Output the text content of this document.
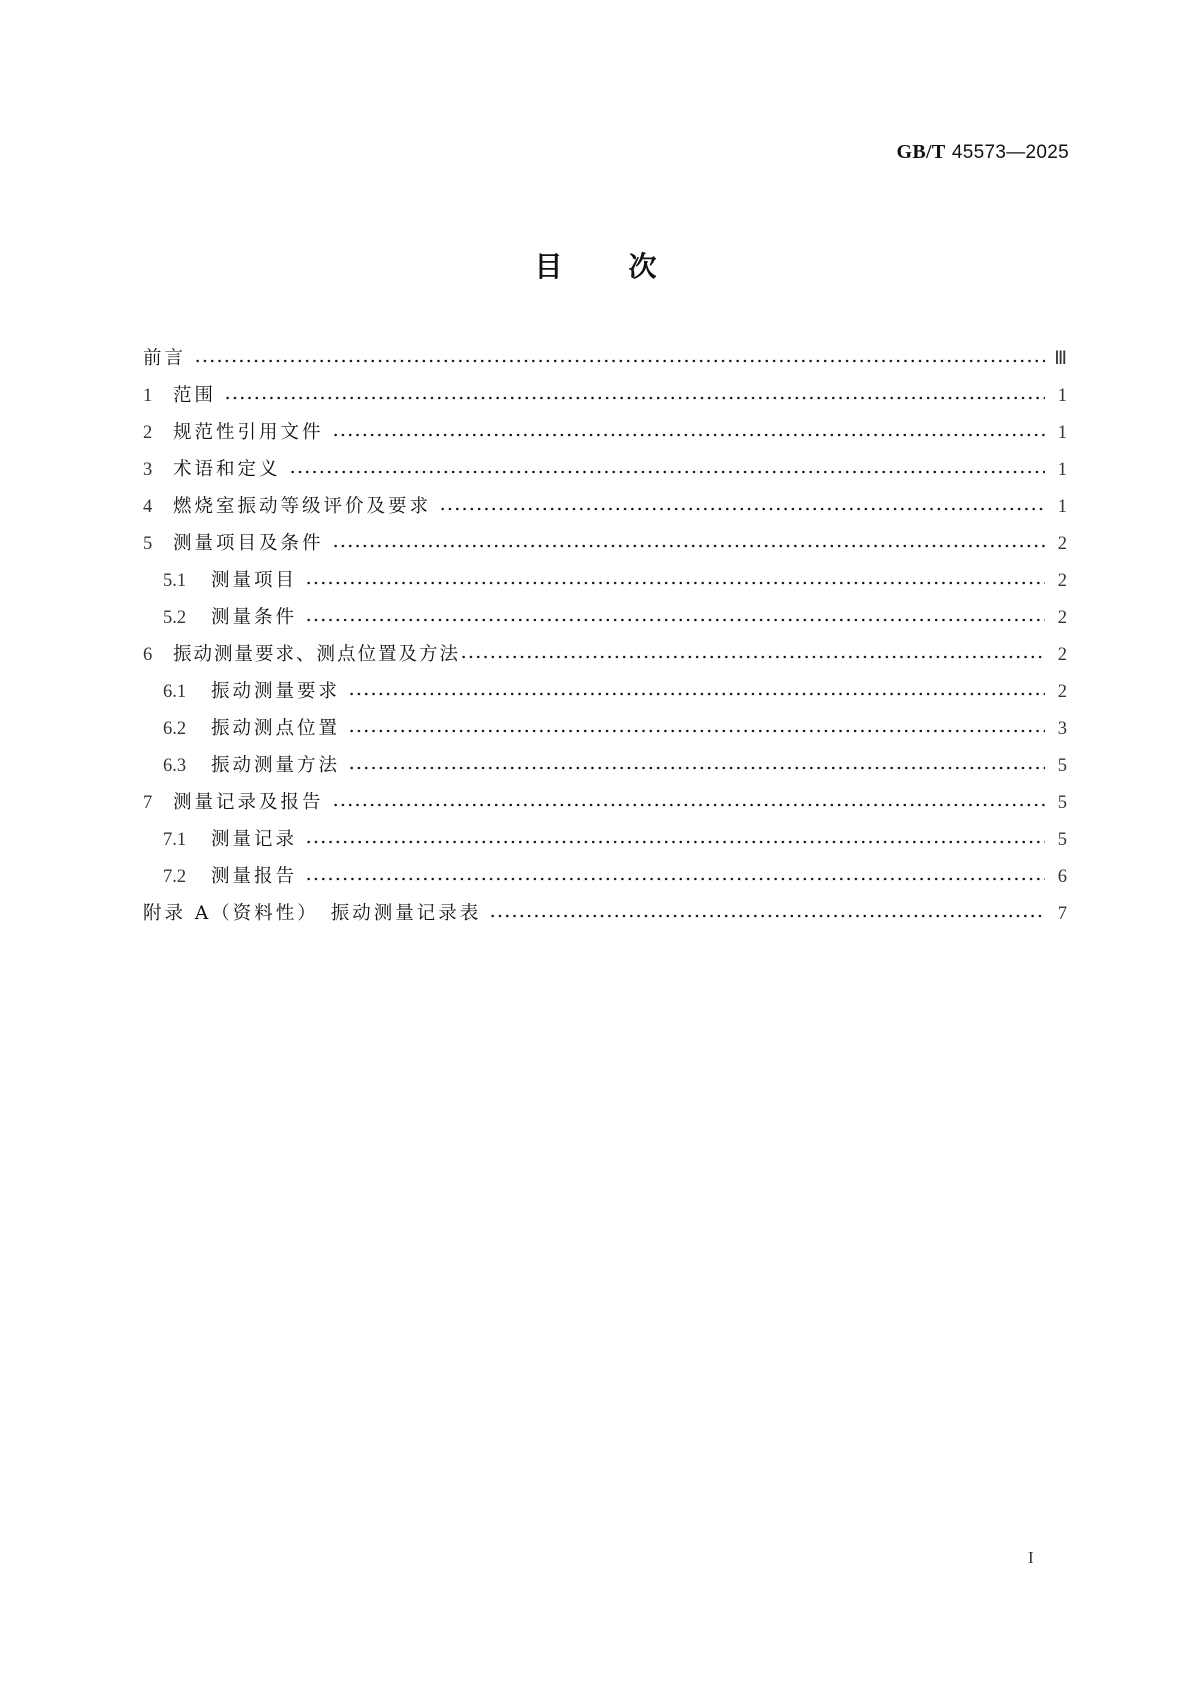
GB/T 45573—2025
目 次
前言	Ⅲ
1	范围	1
2	规范性引用文件	1
3	术语和定义	1
4	燃烧室振动等级评价及要求	1
5	测量项目及条件	2
5.1	测量项目	2
5.2	测量条件	2
6	振动测量要求、测点位置及方法	2
6.1	振动测量要求	2
6.2	振动测点位置	3
6.3	振动测量方法	5
7	测量记录及报告	5
7.1	测量记录	5
7.2	测量报告	6
附录 A（资料性） 振动测量记录表	7
I
